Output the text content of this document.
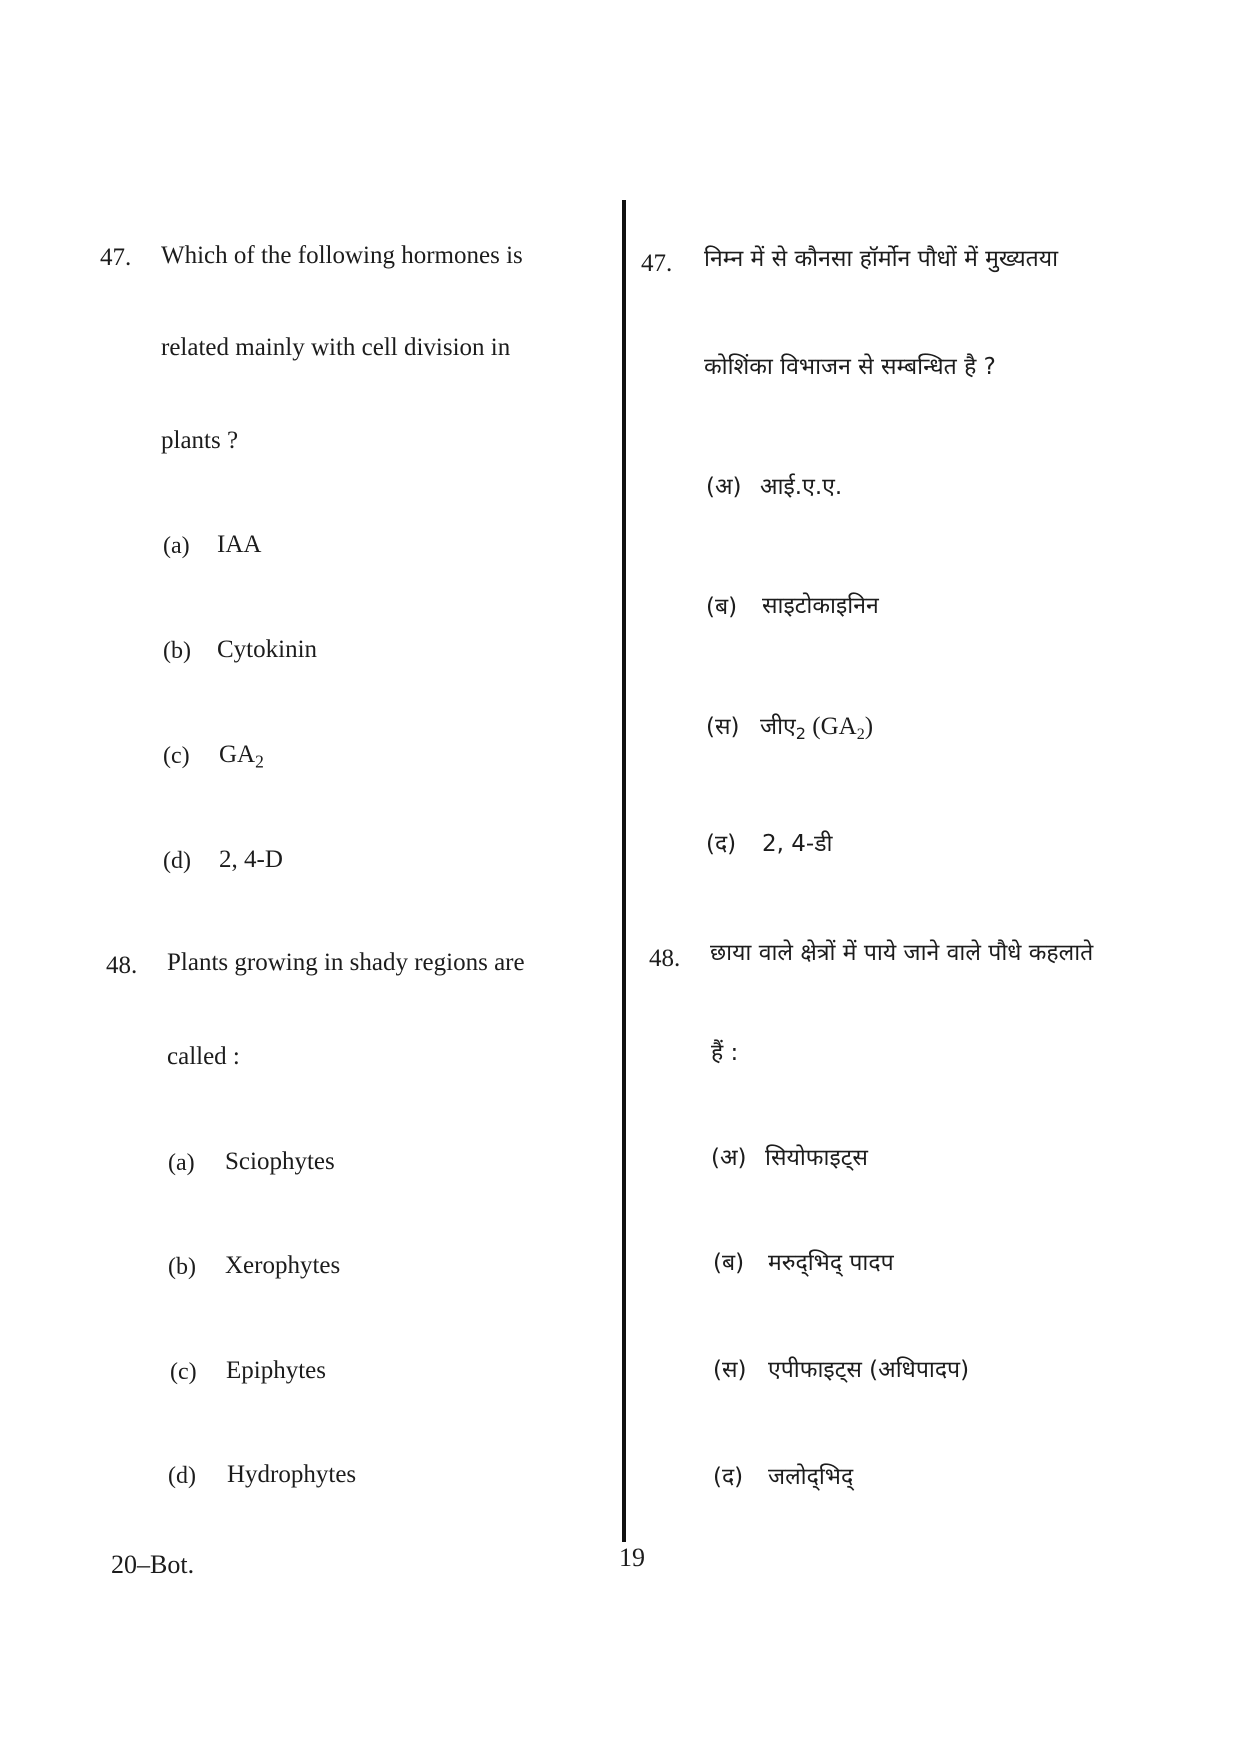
47. Which of the following hormones is
related mainly with cell division in
plants ?
(a) IAA
(b) Cytokinin
(c) $GA_2$
(d) 2, 4-D
48. Plants growing in shady regions are
called :
(a) Sciophytes
(b) Xerophytes
(c) Epiphytes
(d) Hydrophytes
47. निम्न में से कौनसा हॉर्मोन पौधों में मुख्यतया
कोशिंका विभाजन से सम्बन्धित है ?
(अ) आई.ए.ए.
(ब) साइटोकाइनिन
(स) जीए$_2$ $(GA_2)$
(द) 2, 4-डी
48. छाया वाले क्षेत्रों में पाये जाने वाले पौधे कहलाते
हैं :
(अ) सियोफाइट्स
(ब) मरुद्‌भिद् पादप
(स) एपीफाइट्स (अधिपादप)
(द) जलोद्‌भिद्
20–Bot.	19
